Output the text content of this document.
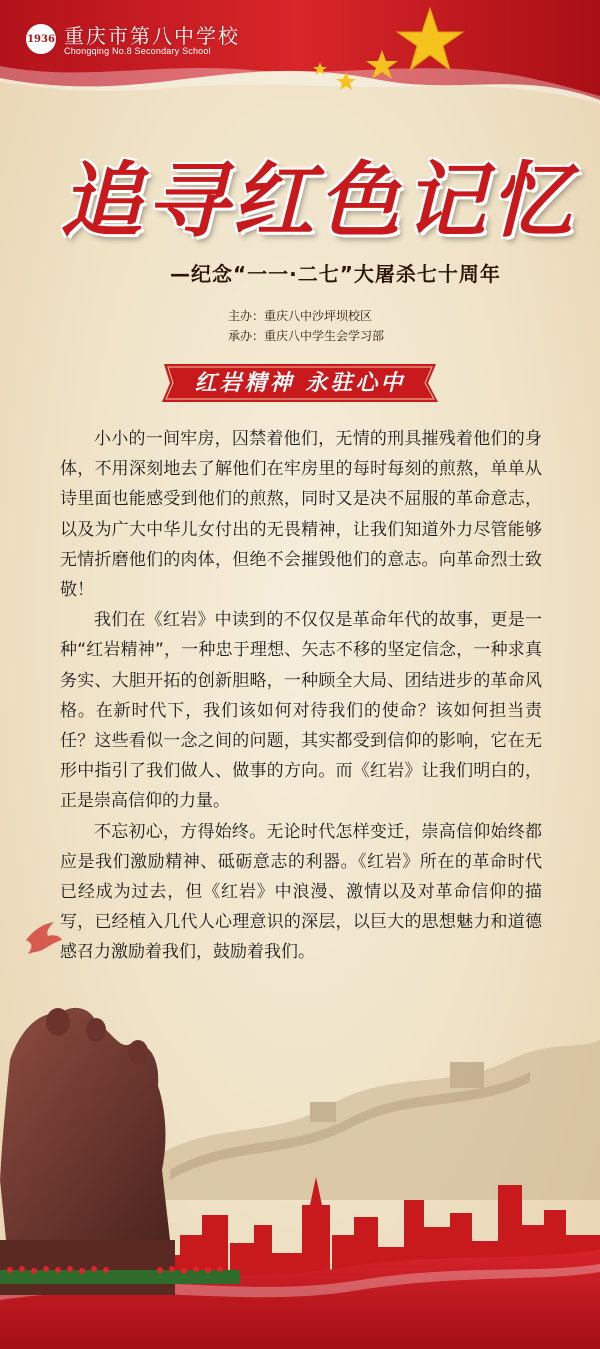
1936 重庆市第八中学校
Chongqing No.8 Secondary School
追寻红色记忆
—纪念“一一·二七”大屠杀七十周年
主办：重庆八中沙坪坝校区
承办：重庆八中学生会学习部
红岩精神 永驻心中

小小的一间牢房，囚禁着他们，无情的刑具摧残着他们的身体，不用深刻地去了解他们在牢房里的每时每刻的煎熬，单单从诗里面也能感受到他们的煎熬，同时又是决不屈服的革命意志，以及为广大中华儿女付出的无畏精神，让我们知道外力尽管能够无情折磨他们的肉体，但绝不会摧毁他们的意志。向革命烈士致敬！

我们在《红岩》中读到的不仅仅是革命年代的故事，更是一种“红岩精神”，一种忠于理想、矢志不移的坚定信念，一种求真务实、大胆开拓的创新胆略，一种顾全大局、团结进步的革命风格。在新时代下，我们该如何对待我们的使命？该如何担当责任？这些看似一念之间的问题，其实都受到信仰的影响，它在无形中指引了我们做人、做事的方向。而《红岩》让我们明白的，正是崇高信仰的力量。

不忘初心，方得始终。无论时代怎样变迁，崇高信仰始终都应是我们激励精神、砥砺意志的利器。《红岩》所在的革命时代已经成为过去，但《红岩》中浪漫、激情以及对革命信仰的描写，已经植入几代人心理意识的深层，以巨大的思想魅力和道德感召力激励着我们，鼓励着我们。
